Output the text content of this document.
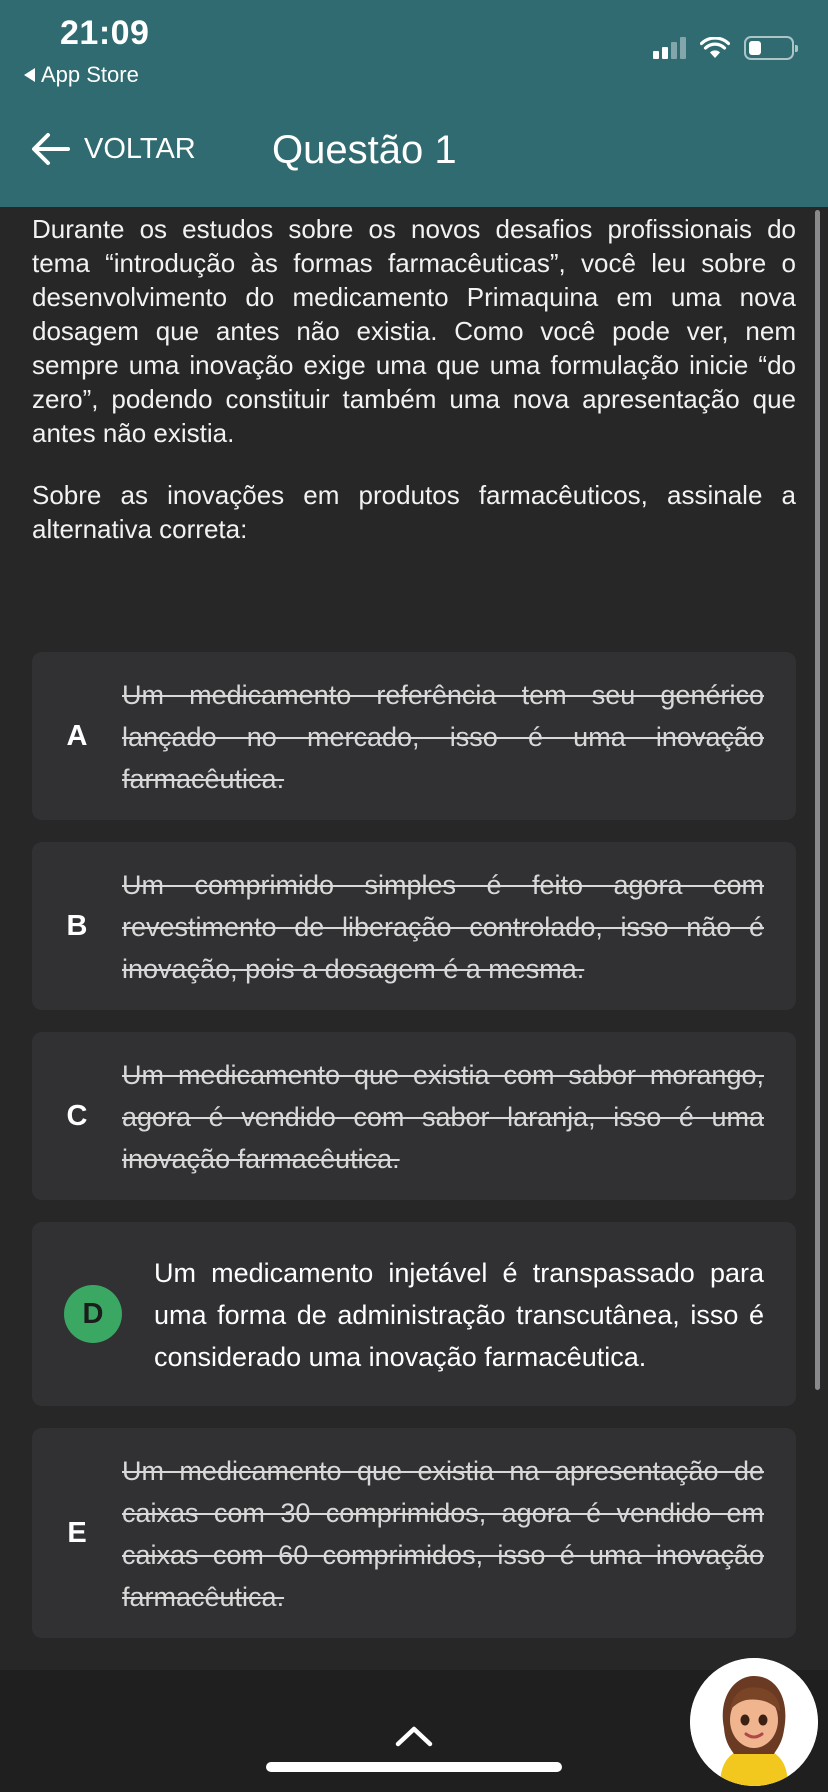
21:09
App Store
VOLTAR Questão 1

Durante os estudos sobre os novos desafios profissionais do tema “introdução às formas farmacêuticas”, você leu sobre o desenvolvimento do medicamento Primaquina em uma nova dosagem que antes não existia. Como você pode ver, nem sempre uma inovação exige uma que uma formulação inicie “do zero”, podendo constituir também uma nova apresentação que antes não existia.

Sobre as inovações em produtos farmacêuticos, assinale a alternativa correta:

A
Um medicamento referência tem seu genérico lançado no mercado, isso é uma inovação farmacêutica.
B
Um comprimido simples é feito agora com revestimento de liberação controlado, isso não é inovação, pois a dosagem é a mesma.
C
Um medicamento que existia com sabor morango, agora é vendido com sabor laranja, isso é uma inovação farmacêutica.
D
Um medicamento injetável é transpassado para uma forma de administração transcutânea, isso é considerado uma inovação farmacêutica.
E
Um medicamento que existia na apresentação de caixas com 30 comprimidos, agora é vendido em caixas com 60 comprimidos, isso é uma inovação farmacêutica.
